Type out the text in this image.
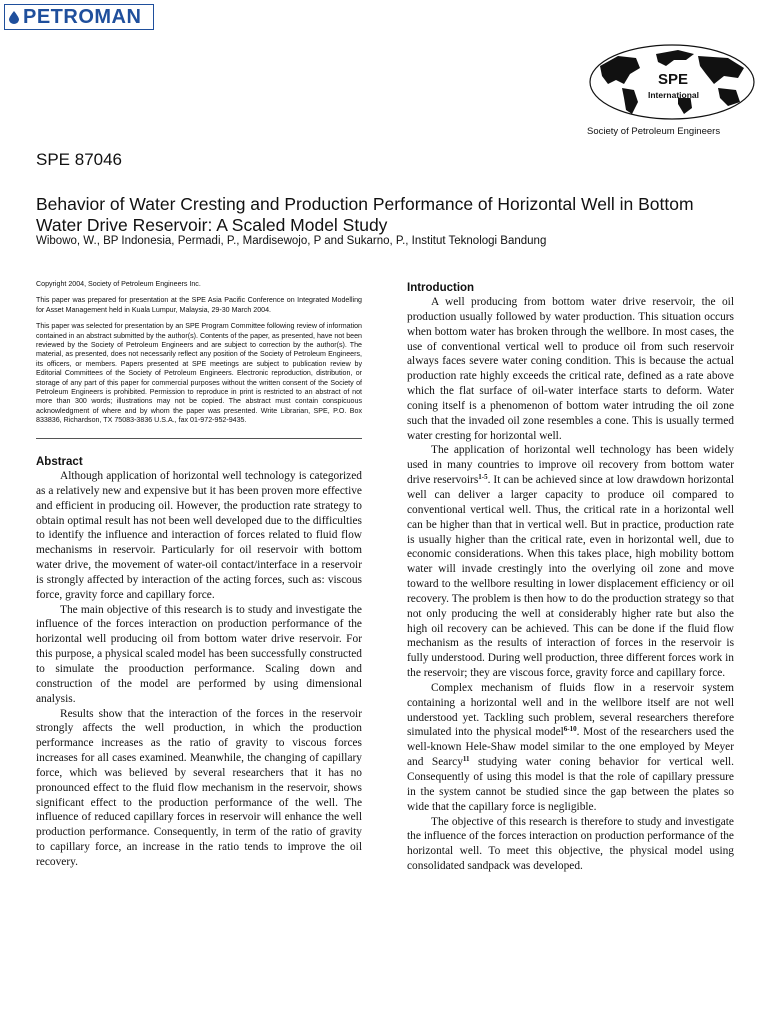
PETROMAN
SPE
International
Society of Petroleum Engineers
SPE 87046
Behavior of Water Cresting and Production Performance of Horizontal Well in Bottom Water Drive Reservoir: A Scaled Model Study
Wibowo, W., BP Indonesia, Permadi, P., Mardisewojo, P and Sukarno, P., Institut Teknologi Bandung

Copyright 2004, Society of Petroleum Engineers Inc.

This paper was prepared for presentation at the SPE Asia Pacific Conference on Integrated Modelling for Asset Management held in Kuala Lumpur, Malaysia, 29-30 March 2004.

This paper was selected for presentation by an SPE Program Committee following review of information contained in an abstract submitted by the author(s). Contents of the paper, as presented, have not been reviewed by the Society of Petroleum Engineers and are subject to correction by the author(s). The material, as presented, does not necessarily reflect any position of the Society of Petroleum Engineers, its officers, or members. Papers presented at SPE meetings are subject to publication review by Editorial Committees of the Society of Petroleum Engineers. Electronic reproduction, distribution, or storage of any part of this paper for commercial purposes without the written consent of the Society of Petroleum Engineers is prohibited. Permission to reproduce in print is restricted to an abstract of not more than 300 words; illustrations may not be copied. The abstract must contain conspicuous acknowledgment of where and by whom the paper was presented. Write Librarian, SPE, P.O. Box 833836, Richardson, TX 75083-3836 U.S.A., fax 01-972-952-9435.

Abstract

Although application of horizontal well technology is categorized as a relatively new and expensive but it has been proven more effective and efficient in producing oil. However, the production rate strategy to obtain optimal result has not been well developed due to the difficulties to identify the influence and interaction of forces related to fluid flow mechanisms in reservoir. Particularly for oil reservoir with bottom water drive, the movement of water-oil contact/interface in a reservoir is strongly affected by interaction of the acting forces, such as: viscous force, gravity force and capillary force.

The main objective of this research is to study and investigate the influence of the forces interaction on production performance of the horizontal well producing oil from bottom water drive reservoir. For this purpose, a physical scaled model has been successfully constructed to simulate the prooduction performance. Scaling down and construction of the model are performed by using dimensional analysis.

Results show that the interaction of the forces in the reservoir strongly affects the well production, in which the production performance increases as the ratio of gravity to viscous forces increases for all cases examined. Meanwhile, the changing of capillary force, which was believed by several researchers that it has no pronounced effect to the fluid flow mechanism in the reservoir, shows significant effect to the production performance of the well. The influence of reduced capillary forces in reservoir will enhance the well production performance. Consequently, in term of the ratio of gravity to capillary force, an increase in the ratio tends to improve the oil recovery.

Introduction

A well producing from bottom water drive reservoir, the oil production usually followed by water production. This situation occurs when bottom water has broken through the wellbore. In most cases, the use of conventional vertical well to produce oil from such reservoir always faces severe water coning condition. This is because the actual production rate highly exceeds the critical rate, defined as a rate above which the flat surface of oil-water interface starts to deform. Water coning itself is a phenomenon of bottom water intruding the oil zone such that the invaded oil zone resembles a cone. This is usually termed water cresting for horizontal well.

The application of horizontal well technology has been widely used in many countries to improve oil recovery from bottom water drive reservoirs$^{1-5}$. It can be achieved since at low drawdown horizontal well can deliver a larger capacity to produce oil compared to conventional vertical well. Thus, the critical rate in a horizontal well can be higher than that in vertical well. But in practice, production rate is usually higher than the critical rate, even in horizontal well, due to economic considerations. When this takes place, high mobility bottom water will invade crestingly into the overlying oil zone and move toward to the wellbore resulting in lower displacement efficiency or oil recovery. The problem is then how to do the production strategy so that not only producing the well at considerably higher rate but also the high oil recovery can be achieved. This can be done if the fluid flow mechanism as the results of interaction of forces in the reservoir is fully understood. During well production, three different forces work in the reservoir; they are viscous force, gravity force and capillary force.

Complex mechanism of fluids flow in a reservoir system containing a horizontal well and in the wellbore itself are not well understood yet. Tackling such problem, several researchers therefore simulated into the physical model$^{6-10}$. Most of the researchers used the well-known Hele-Shaw model similar to the one employed by Meyer and Searcy$^{11}$ studying water coning behavior for vertical well. Consequently of using this model is that the role of capillary pressure in the system cannot be studied since the gap between the plates so wide that the capillary force is negligible.

The objective of this research is therefore to study and investigate the influence of the forces interaction on production performance of the horizontal well. To meet this objective, the physical model using consolidated sandpack was developed.
